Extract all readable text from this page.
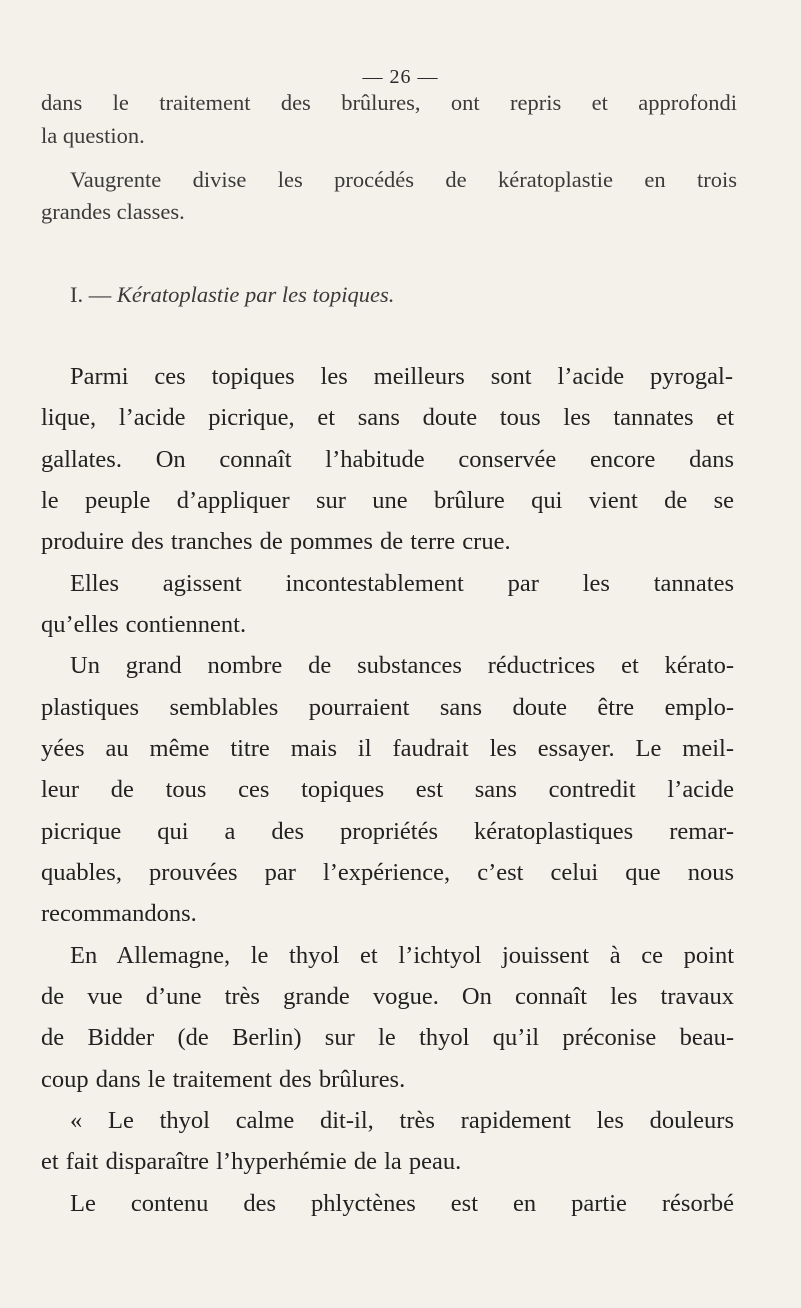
— 26 —
dans le traitement des brûlures, ont repris et approfondi
la question.
Vaugrente divise les procédés de kératoplastie en trois
grandes classes.
I. — Kératoplastie par les topiques.
Parmi ces topiques les meilleurs sont l’acide pyrogal-
lique, l’acide picrique, et sans doute tous les tannates et
gallates. On connaît l’habitude conservée encore dans
le peuple d’appliquer sur une brûlure qui vient de se
produire des tranches de pommes de terre crue.
Elles agissent incontestablement par les tannates
qu’elles contiennent.
Un grand nombre de substances réductrices et kérato-
plastiques semblables pourraient sans doute être emplo-
yées au même titre mais il faudrait les essayer. Le meil-
leur de tous ces topiques est sans contredit l’acide
picrique qui a des propriétés kératoplastiques remar-
quables, prouvées par l’expérience, c’est celui que nous
recommandons.
En Allemagne, le thyol et l’ichtyol jouissent à ce point
de vue d’une très grande vogue. On connaît les travaux
de Bidder (de Berlin) sur le thyol qu’il préconise beau-
coup dans le traitement des brûlures.
« Le thyol calme dit-il, très rapidement les douleurs
et fait disparaître l’hyperhémie de la peau.
Le contenu des phlyctènes est en partie résorbé
